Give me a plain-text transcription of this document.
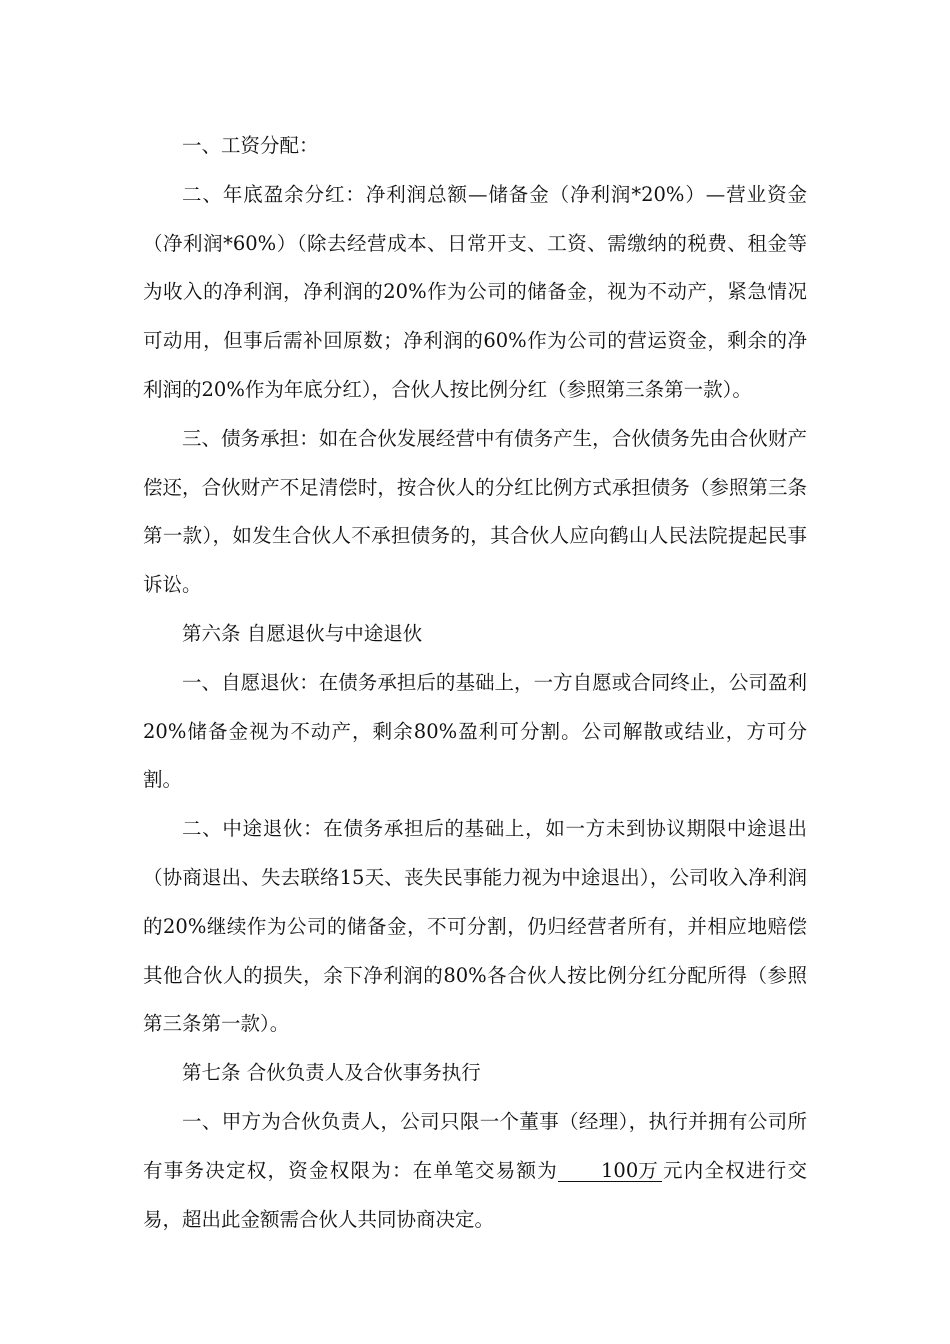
一、工资分配：

二、年底盈余分红：净利润总额—储备金（净利润*20%）—营业资金（净利润*60%）（除去经营成本、日常开支、工资、需缴纳的税费、租金等为收入的净利润，净利润的20%作为公司的储备金，视为不动产，紧急情况可动用，但事后需补回原数；净利润的60%作为公司的营运资金，剩余的净利润的20%作为年底分红），合伙人按比例分红（参照第三条第一款）。

三、债务承担：如在合伙发展经营中有债务产生，合伙债务先由合伙财产偿还，合伙财产不足清偿时，按合伙人的分红比例方式承担债务（参照第三条第一款），如发生合伙人不承担债务的，其合伙人应向鹤山人民法院提起民事诉讼。

第六条 自愿退伙与中途退伙

一、自愿退伙：在债务承担后的基础上，一方自愿或合同终止，公司盈利20%储备金视为不动产，剩余80%盈利可分割。公司解散或结业，方可分割。

二、中途退伙：在债务承担后的基础上，如一方未到协议期限中途退出（协商退出、失去联络15天、丧失民事能力视为中途退出），公司收入净利润的20%继续作为公司的储备金，不可分割，仍归经营者所有，并相应地赔偿其他合伙人的损失，余下净利润的80%各合伙人按比例分红分配所得（参照第三条第一款）。

第七条 合伙负责人及合伙事务执行

一、甲方为合伙负责人，公司只限一个董事（经理），执行并拥有公司所有事务决定权，资金权限为：在单笔交易额为100万元内全权进行交易，超出此金额需合伙人共同协商决定。
